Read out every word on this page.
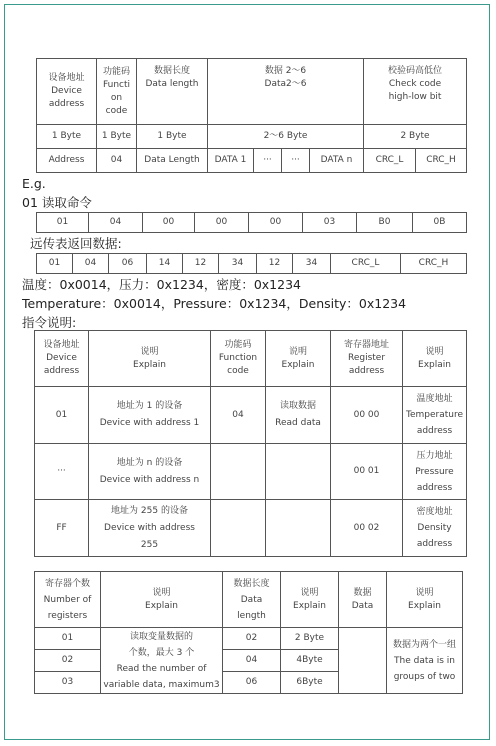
设备地址
Device
address	功能码
Functi
on
code	数据长度
Data length	数据 2～6
Data2～6				校验码高低位
Check code
high-low bit	
1 Byte	1 Byte	1 Byte	2～6 Byte				2 Byte	
Address	04	Data Length	DATA 1	···	···	DATA n	CRC_L	CRC_H
E.g.
01 读取命令
01	04	00	00	00	03	B0	0B
远传表返回数据:
01	04	06	14	12	34	12	34	CRC_L	CRC_H
温度：0x0014，压力：0x1234，密度：0x1234
Temperature：0x0014，Pressure：0x1234，Density：0x1234
指令说明:
设备地址
Device
address	说明
Explain	功能码
Function
code	说明
Explain	寄存器地址
Register
address	说明
Explain
01	地址为 1 的设备
Device with address 1	04	读取数据
Read data	00 00	温度地址
Temperature
address
···	地址为 n 的设备
Device with address n			00 01	压力地址
Pressure
address
FF	地址为 255 的设备
Device with address
255			00 02	密度地址
Density
address
寄存器个数
Number of
registers	说明
Explain	数据长度
Data
length	说明
Explain	数据
Data	说明
Explain
01	读取变量数据的
个数，最大 3 个
Read the number of
variable data, maximum3	02	2 Byte		数据为两个一组
The data is in
groups of two
02		04	4Byte		
03		06	6Byte		
